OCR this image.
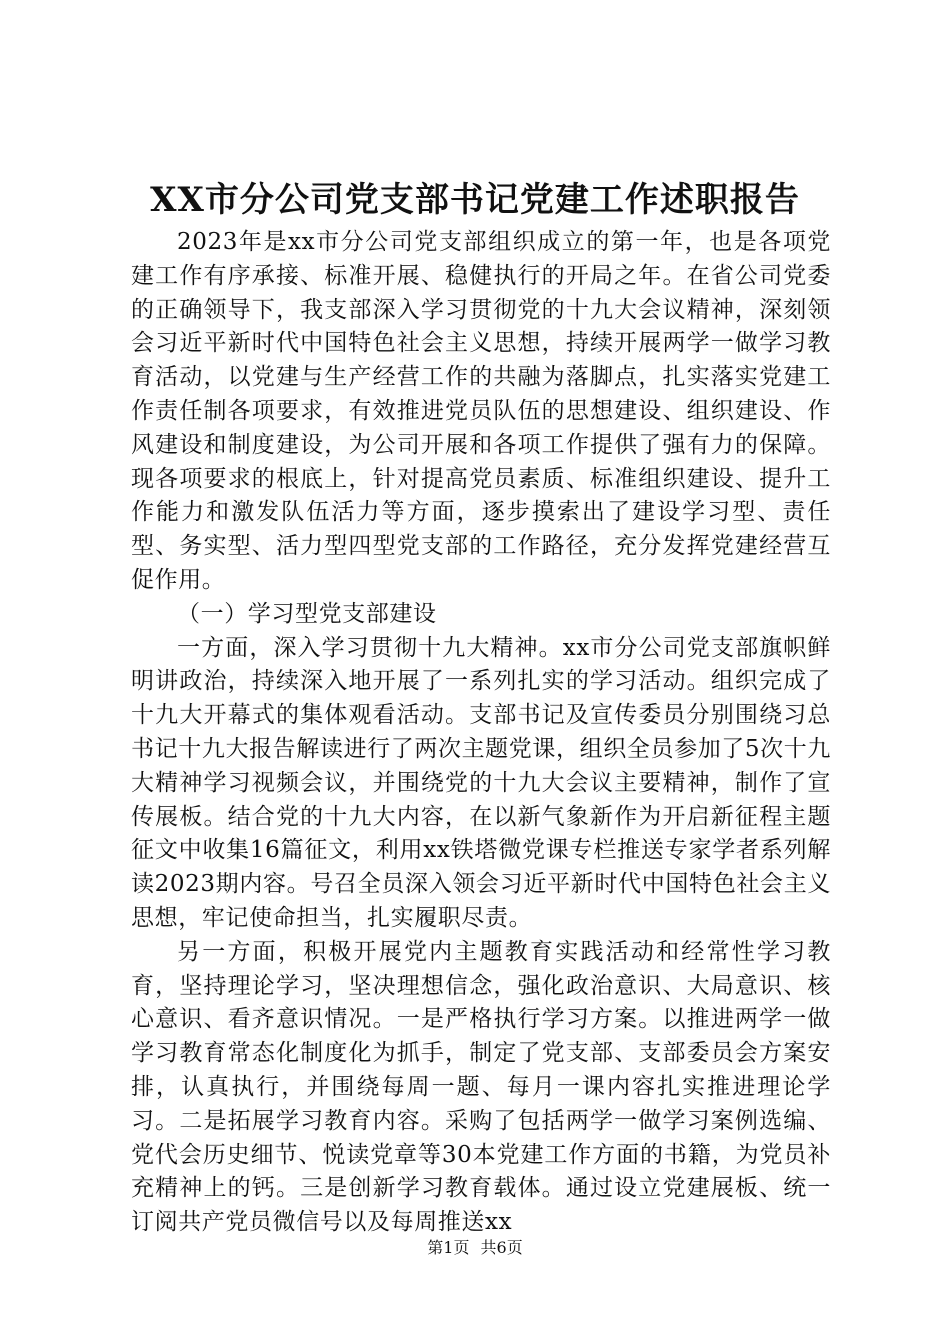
XX市分公司党支部书记党建工作述职报告

2023年是xx市分公司党支部组织成立的第一年，也是各项党建工作有序承接、标准开展、稳健执行的开局之年。在省公司党委的正确领导下，我支部深入学习贯彻党的十九大会议精神，深刻领会习近平新时代中国特色社会主义思想，持续开展两学一做学习教育活动，以党建与生产经营工作的共融为落脚点，扎实落实党建工作责任制各项要求，有效推进党员队伍的思想建设、组织建设、作风建设和制度建设，为公司开展和各项工作提供了强有力的保障。现各项要求的根底上，针对提高党员素质、标准组织建设、提升工作能力和激发队伍活力等方面，逐步摸索出了建设学习型、责任型、务实型、活力型四型党支部的工作路径，充分发挥党建经营互促作用。

（一）学习型党支部建设

一方面，深入学习贯彻十九大精神。xx市分公司党支部旗帜鲜明讲政治，持续深入地开展了一系列扎实的学习活动。组织完成了十九大开幕式的集体观看活动。支部书记及宣传委员分别围绕习总书记十九大报告解读进行了两次主题党课，组织全员参加了5次十九大精神学习视频会议，并围绕党的十九大会议主要精神，制作了宣传展板。结合党的十九大内容，在以新气象新作为开启新征程主题征文中收集16篇征文，利用xx铁塔微党课专栏推送专家学者系列解读2023期内容。号召全员深入领会习近平新时代中国特色社会主义思想，牢记使命担当，扎实履职尽责。

另一方面，积极开展党内主题教育实践活动和经常性学习教育，坚持理论学习，坚决理想信念，强化政治意识、大局意识、核心意识、看齐意识情况。一是严格执行学习方案。以推进两学一做学习教育常态化制度化为抓手，制定了党支部、支部委员会方案安排，认真执行，并围绕每周一题、每月一课内容扎实推进理论学习。二是拓展学习教育内容。采购了包括两学一做学习案例选编、党代会历史细节、悦读党章等30本党建工作方面的书籍，为党员补充精神上的钙。三是创新学习教育载体。通过设立党建展板、统一订阅共产党员微信号以及每周推送xx

第1页 共6页
